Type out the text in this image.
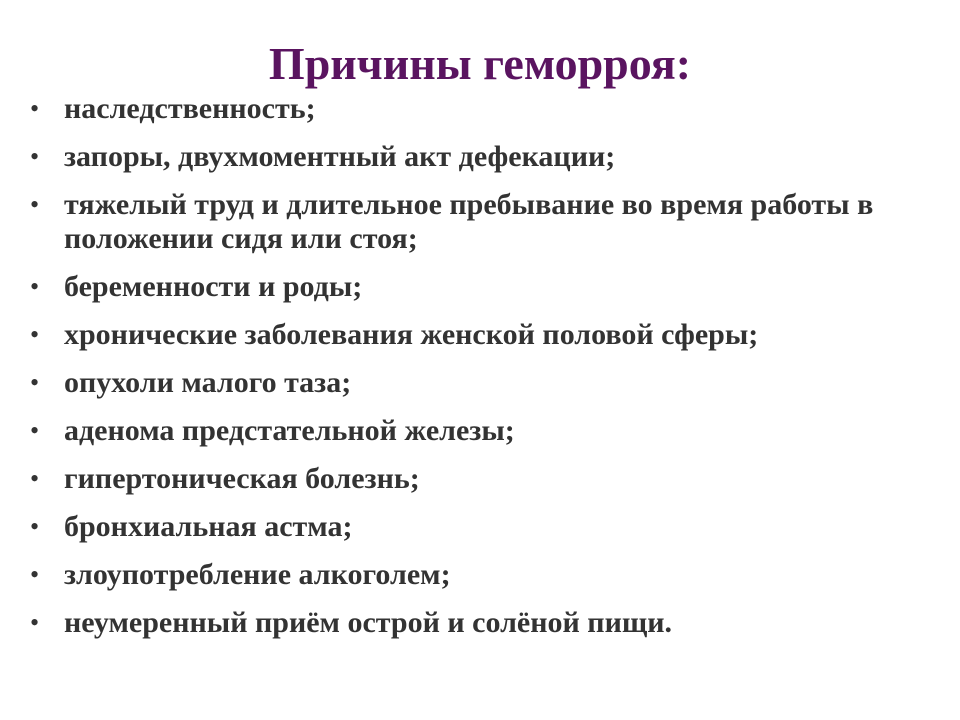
Причины геморроя:
• наследственность;
• запоры, двухмоментный акт дефекации;
• тяжелый труд и длительное пребывание во время работы в положении сидя или стоя;
• беременности и роды;
• хронические заболевания женской половой сферы;
• опухоли малого таза;
• аденома предстательной железы;
• гипертоническая болезнь;
• бронхиальная астма;
• злоупотребление алкоголем;
• неумеренный приём острой и солёной пищи.
